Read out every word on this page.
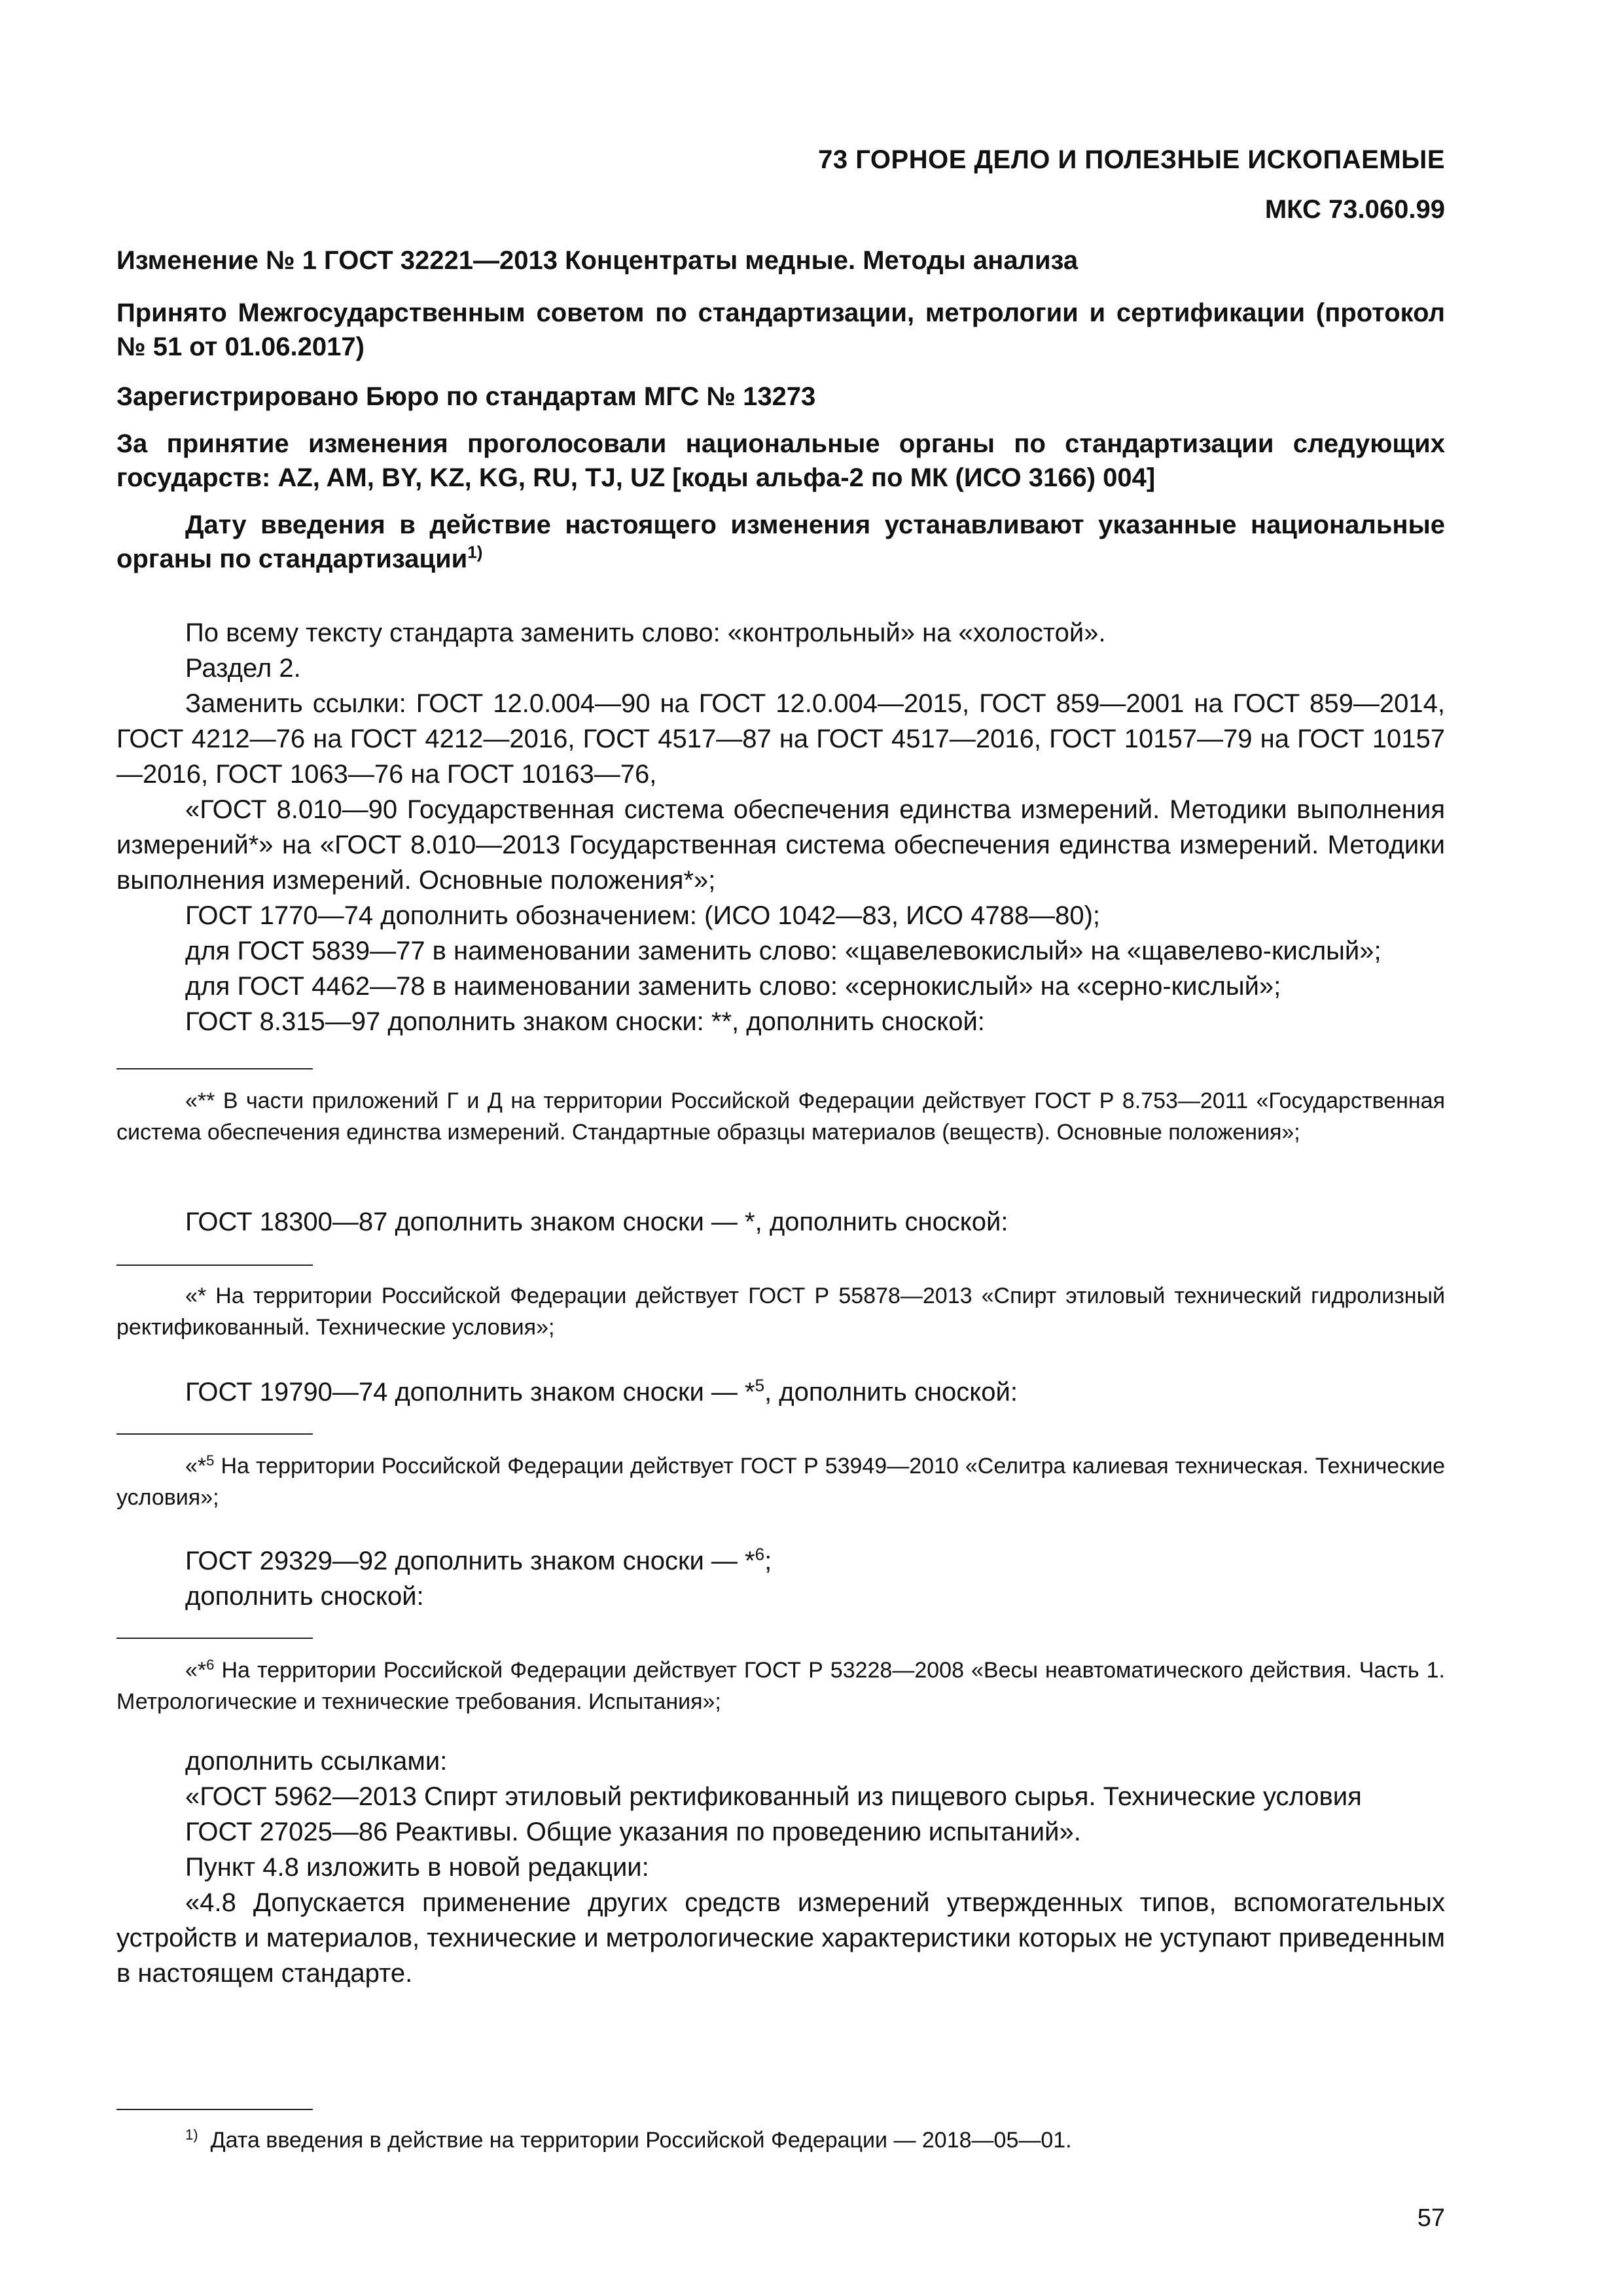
73 ГОРНОЕ ДЕЛО И ПОЛЕЗНЫЕ ИСКОПАЕМЫЕ
МКС 73.060.99
Изменение № 1 ГОСТ 32221—2013 Концентраты медные. Методы анализа
Принято Межгосударственным советом по стандартизации, метрологии и сертификации (протокол № 51 от 01.06.2017)
Зарегистрировано Бюро по стандартам МГС № 13273
За принятие изменения проголосовали национальные органы по стандартизации следующих государств: AZ, AM, BY, KZ, KG, RU, TJ, UZ [коды альфа-2 по МК (ИСО 3166) 004]

Дату введения в действие настоящего изменения устанавливают указанные национальные органы по стандартизации$^{1)}$

По всему тексту стандарта заменить слово: «контрольный» на «холостой».

Раздел 2.

Заменить ссылки: ГОСТ 12.0.004—90 на ГОСТ 12.0.004—2015, ГОСТ 859—2001 на ГОСТ 859—2014, ГОСТ 4212—76 на ГОСТ 4212—2016, ГОСТ 4517—87 на ГОСТ 4517—2016, ГОСТ 10157—79 на ГОСТ 10157—2016, ГОСТ 1063—76 на ГОСТ 10163—76,

«ГОСТ 8.010—90 Государственная система обеспечения единства измерений. Методики выполнения измерений*» на «ГОСТ 8.010—2013 Государственная система обеспечения единства измерений. Методики выполнения измерений. Основные положения*»;

ГОСТ 1770—74 дополнить обозначением: (ИСО 1042—83, ИСО 4788—80);

для ГОСТ 5839—77 в наименовании заменить слово: «щавелевокислый» на «щавелево-кислый»;

для ГОСТ 4462—78 в наименовании заменить слово: «сернокислый» на «серно-кислый»;

ГОСТ 8.315—97 дополнить знаком сноски: **, дополнить сноской:

«** В части приложений Г и Д на территории Российской Федерации действует ГОСТ Р 8.753—2011 «Государственная система обеспечения единства измерений. Стандартные образцы материалов (веществ). Основные положения»;

ГОСТ 18300—87 дополнить знаком сноски — *, дополнить сноской:

«* На территории Российской Федерации действует ГОСТ Р 55878—2013 «Спирт этиловый технический гидролизный ректификованный. Технические условия»;

ГОСТ 19790—74 дополнить знаком сноски — *$^5$, дополнить сноской:

«*$^5$ На территории Российской Федерации действует ГОСТ Р 53949—2010 «Селитра калиевая техническая. Технические условия»;

ГОСТ 29329—92 дополнить знаком сноски — *$^6$;

дополнить сноской:

«*$^6$ На территории Российской Федерации действует ГОСТ Р 53228—2008 «Весы неавтоматического действия. Часть 1. Метрологические и технические требования. Испытания»;

дополнить ссылками:

«ГОСТ 5962—2013 Спирт этиловый ректификованный из пищевого сырья. Технические условия

ГОСТ 27025—86 Реактивы. Общие указания по проведению испытаний».

Пункт 4.8 изложить в новой редакции:

«4.8 Допускается применение других средств измерений утвержденных типов, вспомогательных устройств и материалов, технические и метрологические характеристики которых не уступают приведенным в настоящем стандарте.

$^{1)}$ Дата введения в действие на территории Российской Федерации — 2018—05—01.

57
